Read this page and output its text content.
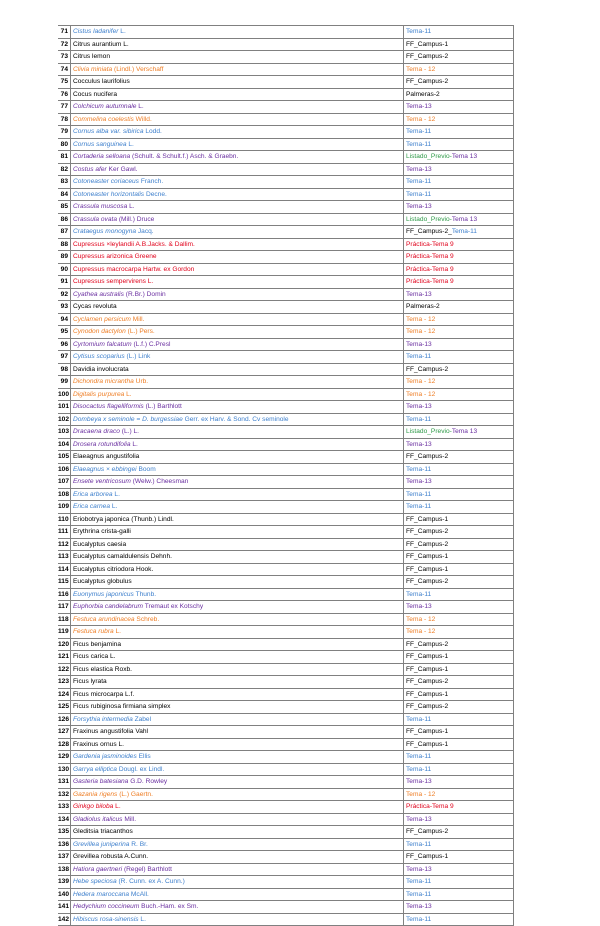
71	Cistus ladanifer L.	Tema-11
72	Citrus aurantium L.	FF_Campus-1
73	Citrus lemon	FF_Campus-2
74	Clivia miniata (Lindl.) Verschaff	Tema - 12
75	Cocculus laurifolius	FF_Campus-2
76	Cocus nucifera	Palmeras-2
77	Colchicum autumnale L.	Tema-13
78	Commelina coelestis Willd.	Tema - 12
79	Cornus alba var. sibirica Lodd.	Tema-11
80	Cornus sanguinea L.	Tema-11
81	Cortaderia selloana (Schult. & Schult.f.) Asch. & Graebn.	Listado_Previo-Tema 13
82	Costus afer Ker Gawl.	Tema-13
83	Cotoneaster coriaceus Franch.	Tema-11
84	Cotoneaster horizontalis Decne.	Tema-11
85	Crassula muscosa L.	Tema-13
86	Crassula ovata (Mill.) Druce	Listado_Previo-Tema 13
87	Crataegus monogyna Jacq.	FF_Campus-2_Tema-11
88	Cupressus ×leylandii A.B.Jacks. & Dallim.	Práctica-Tema 9
89	Cupressus arizonica Greene	Práctica-Tema 9
90	Cupressus macrocarpa Hartw. ex Gordon	Práctica-Tema 9
91	Cupressus sempervirens L.	Práctica-Tema 9
92	Cyathea australis (R.Br.) Domin	Tema-13
93	Cycas revoluta	Palmeras-2
94	Cyclamen persicum Mill.	Tema - 12
95	Cynodon dactylon (L.) Pers.	Tema - 12
96	Cyrtomium falcatum (L.f.) C.Presl	Tema-13
97	Cytisus scoparius (L.) Link	Tema-11
98	Davidia involucrata	FF_Campus-2
99	Dichondra micrantha Urb.	Tema - 12
100	Digitalis purpurea L.	Tema - 12
101	Disocactus flagelliformis (L.) Barthlott	Tema-13
102	Dombeya x seminole = D. burgessiae Gerr. ex Harv. & Sond. Cv seminole	Tema-11
103	Dracaena draco (L.) L.	Listado_Previo-Tema 13
104	Drosera rotundifolia L.	Tema-13
105	Elaeagnus angustifolia	FF_Campus-2
106	Elaeagnus × ebbingei Boom	Tema-11
107	Ensete ventricosum (Welw.) Cheesman	Tema-13
108	Erica arborea L.	Tema-11
109	Erica carnea L.	Tema-11
110	Eriobotrya japonica (Thunb.) Lindl.	FF_Campus-1
111	Erythrina crista-galli	FF_Campus-2
112	Eucalyptus caesia	FF_Campus-2
113	Eucalyptus camaldulensis Dehnh.	FF_Campus-1
114	Eucalyptus citriodora Hook.	FF_Campus-1
115	Eucalyptus globulus	FF_Campus-2
116	Euonymus japonicus Thunb.	Tema-11
117	Euphorbia candelabrum Tremaut ex Kotschy	Tema-13
118	Festuca arundinacea Schreb.	Tema - 12
119	Festuca rubra L.	Tema - 12
120	Ficus benjamina	FF_Campus-2
121	Ficus carica L.	FF_Campus-1
122	Ficus elastica Roxb.	FF_Campus-1
123	Ficus lyrata	FF_Campus-2
124	Ficus microcarpa L.f.	FF_Campus-1
125	Ficus rubiginosa firmiana simplex	FF_Campus-2
126	Forsythia intermedia Zabel	Tema-11
127	Fraxinus angustifolia Vahl	FF_Campus-1
128	Fraxinus ornus L.	FF_Campus-1
129	Gardenia jasminoides Ellis	Tema-11
130	Garrya elliptica Dougl. ex Lindl.	Tema-11
131	Gasteria batesiana G.D. Rowley	Tema-13
132	Gazania rigens (L.) Gaertn.	Tema - 12
133	Ginkgo biloba L.	Práctica-Tema 9
134	Gladiolus italicus Mill.	Tema-13
135	Gleditsia triacanthos	FF_Campus-2
136	Grevillea juniperina R. Br.	Tema-11
137	Grevillea robusta A.Cunn.	FF_Campus-1
138	Hatiora gaertneri (Regel) Barthlott	Tema-13
139	Hebe speciosa (R. Cunn. ex A. Cunn.)	Tema-11
140	Hedera maroccana McAll.	Tema-11
141	Hedychium coccineum Buch.-Ham. ex Sm.	Tema-13
142	Hibiscus rosa-sinensis L.	Tema-11
